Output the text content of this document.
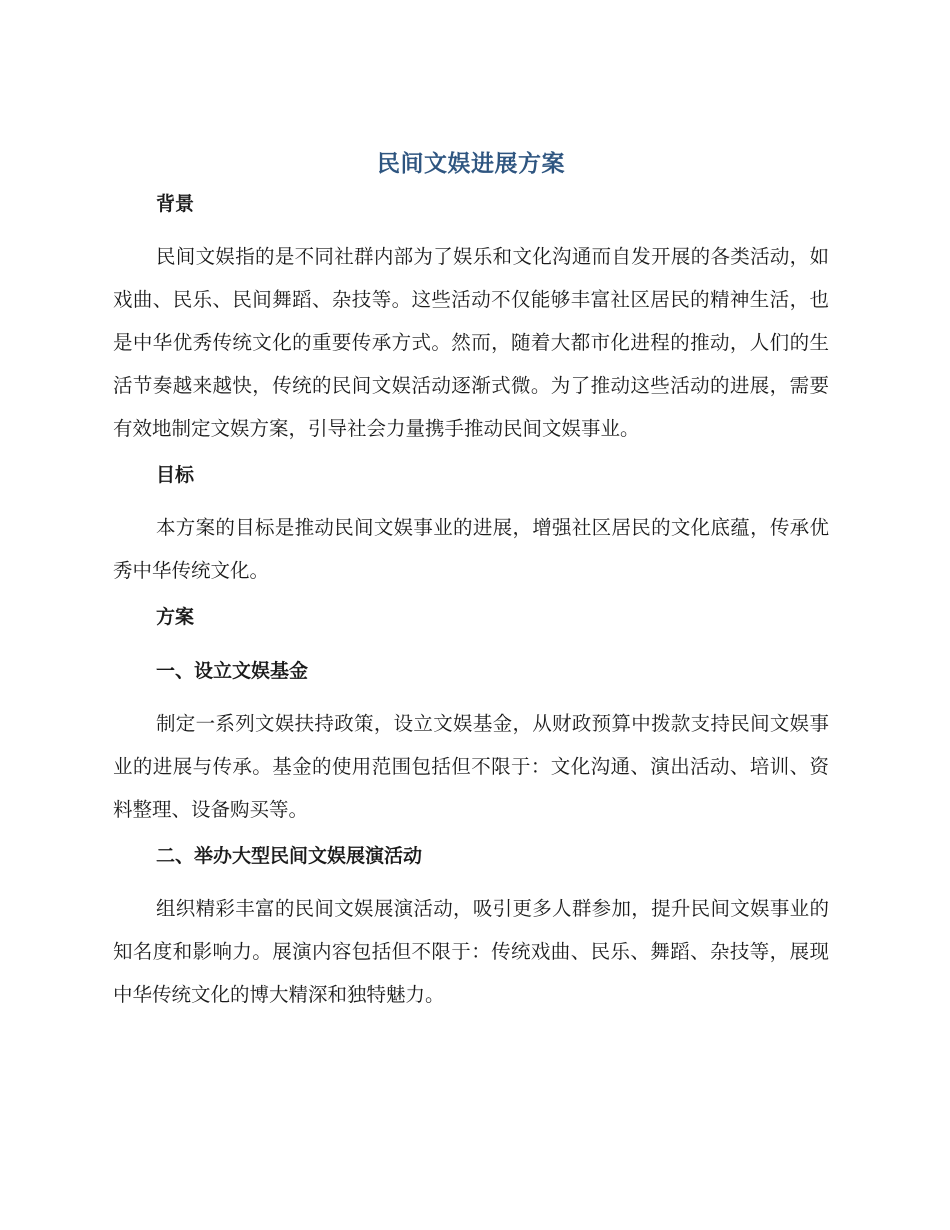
民间文娱进展方案
背景

民间文娱指的是不同社群内部为了娱乐和文化沟通而自发开展的各类活动，如戏曲、民乐、民间舞蹈、杂技等。这些活动不仅能够丰富社区居民的精神生活，也是中华优秀传统文化的重要传承方式。然而，随着大都市化进程的推动，人们的生活节奏越来越快，传统的民间文娱活动逐渐式微。为了推动这些活动的进展，需要有效地制定文娱方案，引导社会力量携手推动民间文娱事业。

目标

本方案的目标是推动民间文娱事业的进展，增强社区居民的文化底蕴，传承优秀中华传统文化。

方案
一、设立文娱基金

制定一系列文娱扶持政策，设立文娱基金，从财政预算中拨款支持民间文娱事业的进展与传承。基金的使用范围包括但不限于：文化沟通、演出活动、培训、资料整理、设备购买等。

二、举办大型民间文娱展演活动

组织精彩丰富的民间文娱展演活动，吸引更多人群参加，提升民间文娱事业的知名度和影响力。展演内容包括但不限于：传统戏曲、民乐、舞蹈、杂技等，展现中华传统文化的博大精深和独特魅力。
